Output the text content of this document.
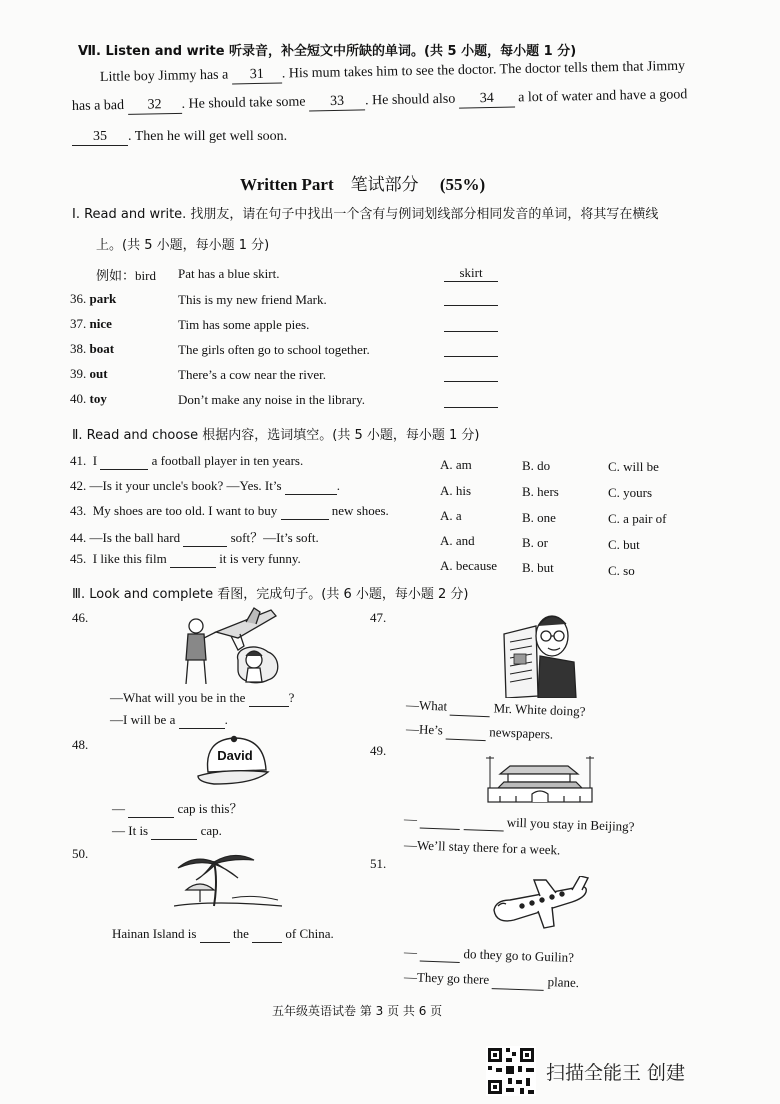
Ⅶ. Listen and write 听录音，补全短文中所缺的单词。(共 5 小题，每小题 1 分)
Little boy Jimmy has a 31 . His mum takes him to see the doctor. The doctor tells them that Jimmy
has a bad 32 . He should take some 33 . He should also 34 a lot of water and have a good
35 . Then he will get well soon.
Written Part 笔试部分 (55%)
Ⅰ. Read and write. 找朋友，请在句子中找出一个含有与例词划线部分相同发音的单词，将其写在横线
上。(共 5 小题，每小题 1 分)
例如：bird Pat has a blue skirt.	skirt
36. park	This is my new friend Mark.
37. nice	Tim has some apple pies.
38. boat	The girls often go to school together.
39. out	There’s a cow near the river.
40. toy	Don’t make any noise in the library.
Ⅱ. Read and choose 根据内容，选词填空。(共 5 小题，每小题 1 分)
41. I	a football player in ten years.	A. am	B. do	C. will be
42. —Is it your uncle's book? —Yes. It’s	.	A. his	B. hers	C. yours
43. My shoes are too old. I want to buy	new shoes.	A. a	B. one	C. a pair of
44. —Is the ball hard	soft？—It’s soft.	A. and	B. or	C. but
45. I like this film	it is very funny.	A. because B. but	C. so
Ⅲ. Look and complete 看图，完成句子。(共 6 小题，每小题 2 分)
46.
—What will you be in the	?
—I will be a	.
47.
—What	Mr. White doing?
—He’s	newspapers.
48.
David
—	cap is this？
— It is	cap.
49.
—	will you stay in Beijing?
—We’ll stay there for a week.
50.
Hainan Island is	the	of China.
51.
—	do they go to Guilin?
—They go there	plane.
五年级英语试卷 第 3 页 共 6 页
扫描全能王 创建
